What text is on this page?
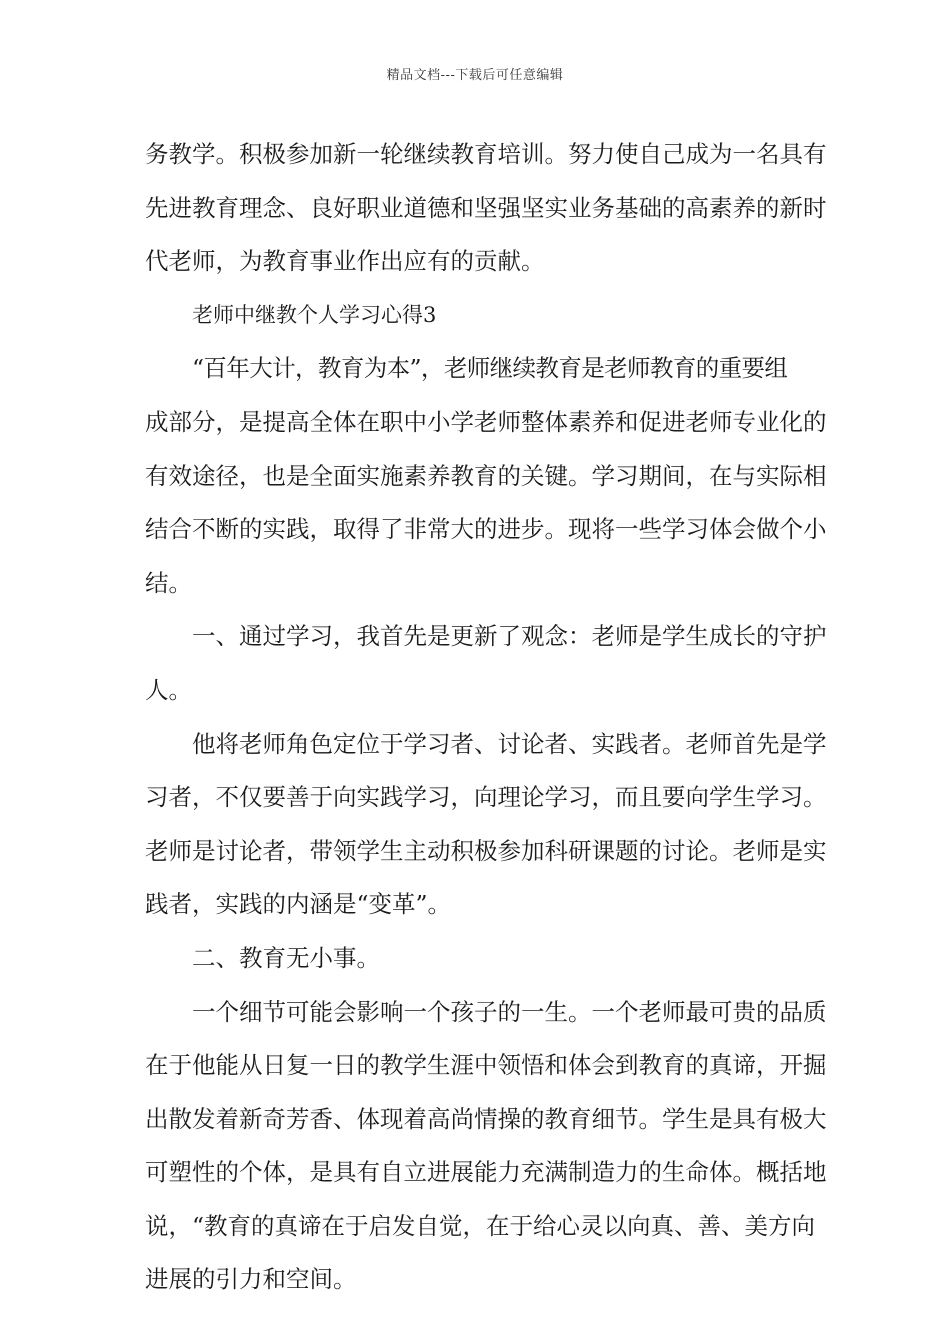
精品文档---下载后可任意编辑
务教学。积极参加新一轮继续教育培训。努力使自己成为一名具有
先进教育理念、良好职业道德和坚强坚实业务基础的高素养的新时
代老师，为教育事业作出应有的贡献。
老师中继教个人学习心得3
“百年大计，教育为本”，老师继续教育是老师教育的重要组
成部分，是提高全体在职中小学老师整体素养和促进老师专业化的
有效途径，也是全面实施素养教育的关键。学习期间，在与实际相
结合不断的实践，取得了非常大的进步。现将一些学习体会做个小
结。
一、通过学习，我首先是更新了观念：老师是学生成长的守护
人。
他将老师角色定位于学习者、讨论者、实践者。老师首先是学
习者，不仅要善于向实践学习，向理论学习，而且要向学生学习。
老师是讨论者，带领学生主动积极参加科研课题的讨论。老师是实
践者，实践的内涵是“变革”。
二、教育无小事。
一个细节可能会影响一个孩子的一生。一个老师最可贵的品质
在于他能从日复一日的教学生涯中领悟和体会到教育的真谛，开掘
出散发着新奇芳香、体现着高尚情操的教育细节。学生是具有极大
可塑性的个体，是具有自立进展能力充满制造力的生命体。概括地
说，“教育的真谛在于启发自觉，在于给心灵以向真、善、美方向
进展的引力和空间。
